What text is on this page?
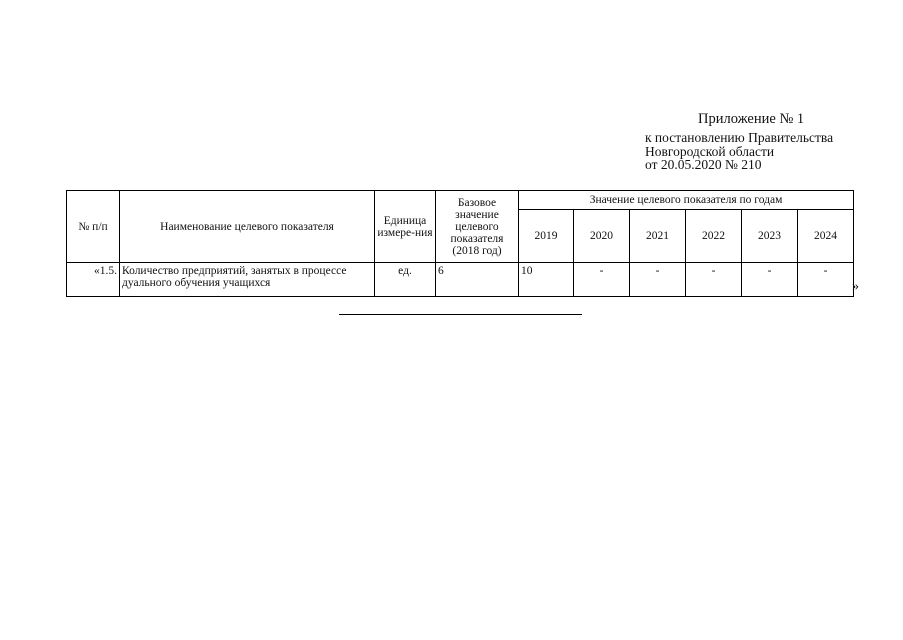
Приложение № 1
к постановлению Правительства
Новгородской области
от 20.05.2020 № 210
№ п/п	Наименование целевого показателя	Единица измере-ния	Базовое значение целевого показателя (2018 год)	Значение целевого показателя по годам					
				2019	2020	2021	2022	2023	2024
«1.5.	Количество предприятий, занятых в процессе дуального обучения учащихся	ед.	6	10	-	-	-	-	-
»
